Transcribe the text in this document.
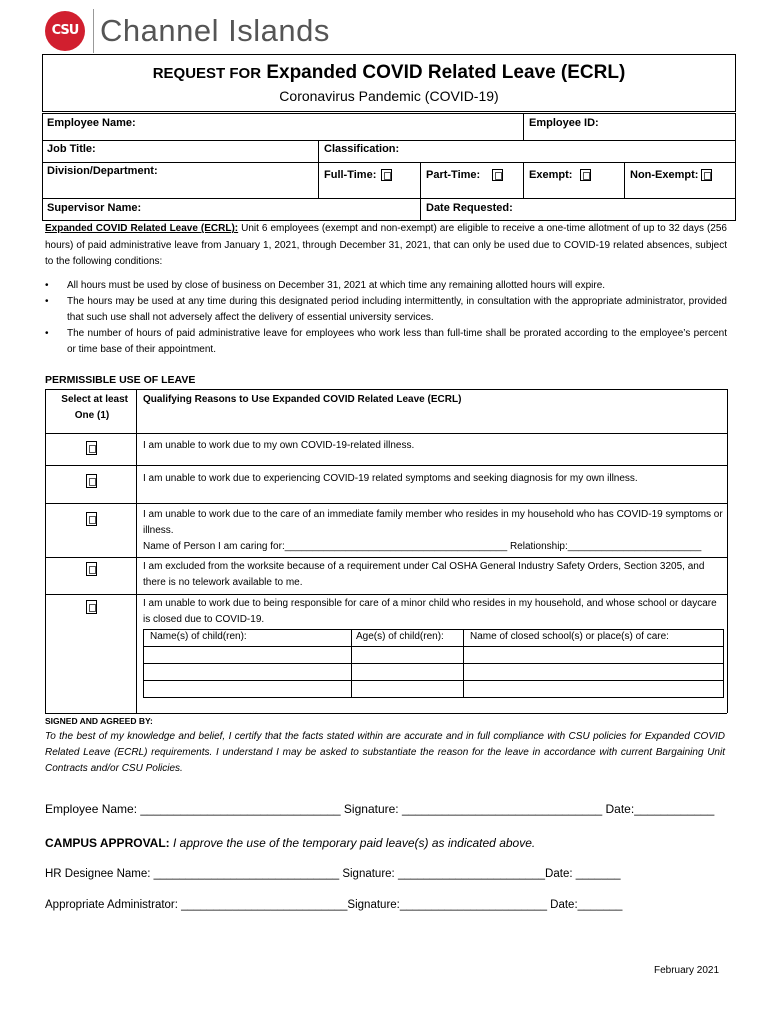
CSU Channel Islands
REQUEST FOR Expanded COVID Related Leave (ECRL)
Coronavirus Pandemic (COVID-19)
Employee Name:	Employee ID:
Job Title:	Classification:
Division/Department:	Full-Time:	Part-Time:	Exempt:	Non-Exempt:
Supervisor Name:	Date Requested:
Expanded COVID Related Leave (ECRL): Unit 6 employees (exempt and non-exempt) are eligible to receive a one-time allotment of up to 32 days (256 hours) of paid administrative leave from January 1, 2021, through December 31, 2021, that can only be used due to COVID-19 related absences, subject to the following conditions:
• All hours must be used by close of business on December 31, 2021 at which time any remaining allotted hours will expire.
• The hours may be used at any time during this designated period including intermittently, in consultation with the appropriate administrator, provided that such use shall not adversely affect the delivery of essential university services.
• The number of hours of paid administrative leave for employees who work less than full-time shall be prorated according to the employee’s percent or time base of their appointment.
PERMISSIBLE USE OF LEAVE
Select at least
One (1)
Qualifying Reasons to Use Expanded COVID Related Leave (ECRL)
I am unable to work due to my own COVID-19-related illness.
I am unable to work due to experiencing COVID-19 related symptoms and seeking diagnosis for my own illness.
I am unable to work due to the care of an immediate family member who resides in my household who has COVID-19 symptoms or illness.
Name of Person I am caring for:________________________________________ Relationship:________________________
I am excluded from the worksite because of a requirement under Cal OSHA General Industry Safety Orders, Section 3205, and there is no telework available to me.
I am unable to work due to being responsible for care of a minor child who resides in my household, and whose school or daycare is closed due to COVID-19.
Name(s) of child(ren):	Age(s) of child(ren):	Name of closed school(s) or place(s) of care:
SIGNED AND AGREED BY:
To the best of my knowledge and belief, I certify that the facts stated within are accurate and in full compliance with CSU policies for Expanded COVID Related Leave (ECRL) requirements. I understand I may be asked to substantiate the reason for the leave in accordance with current Bargaining Unit Contracts and/or CSU Policies.
Employee Name: ______________________________ Signature: ______________________________ Date:____________
CAMPUS APPROVAL: I approve the use of the temporary paid leave(s) as indicated above.
HR Designee Name: _____________________________ Signature: _______________________Date: _______
Appropriate Administrator: __________________________Signature:_______________________ Date:_______
February 2021
